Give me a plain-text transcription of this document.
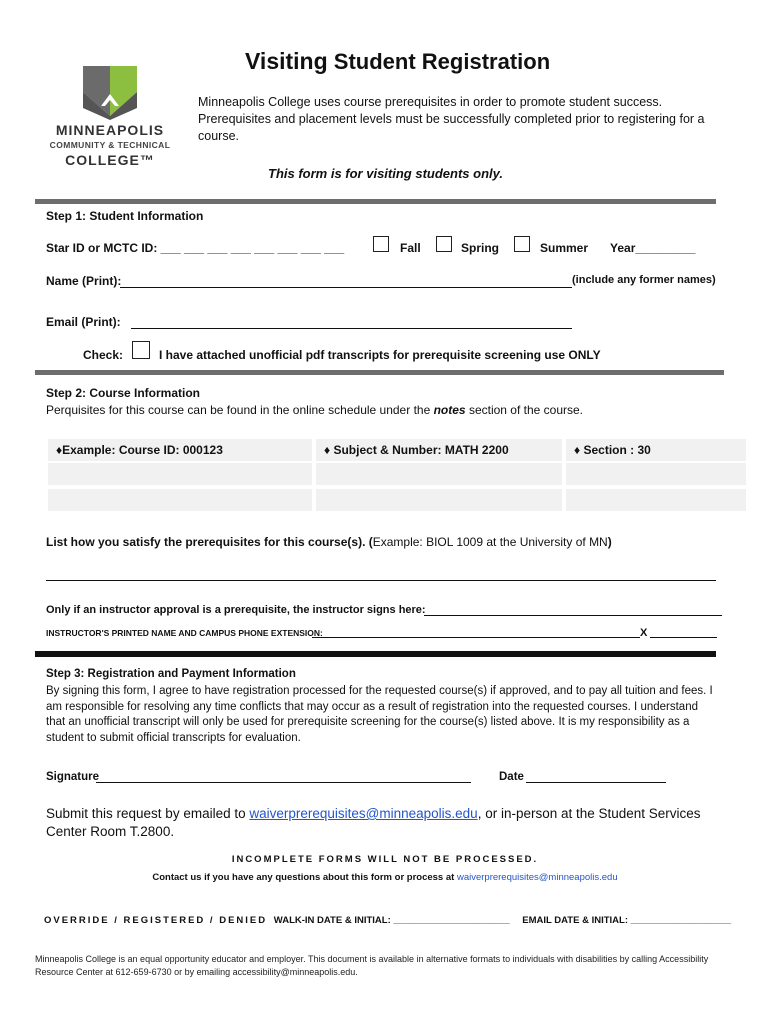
Visiting Student Registration
MINNEAPOLIS
COMMUNITY & TECHNICAL
COLLEGE™
Minneapolis College uses course prerequisites in order to promote student success. Prerequisites and placement levels must be successfully completed prior to registering for a course.
This form is for visiting students only.
Step 1: Student Information
Star ID or MCTC ID: ___ ___ ___ ___ ___ ___ ___ ___	Fall	Spring	Summer Year_________
Name (Print):	(include any former names)
Email (Print):
Check:	I have attached unofficial pdf transcripts for prerequisite screening use ONLY
Step 2: Course Information
Perquisites for this course can be found in the online schedule under the notes section of the course.
♦Example: Course ID: 000123	♦ Subject & Number: MATH 2200	♦ Section : 30
List how you satisfy the prerequisites for this course(s). (Example: BIOL 1009 at the University of MN)
Only if an instructor approval is a prerequisite, the instructor signs here:
INSTRUCTOR'S PRINTED NAME AND CAMPUS PHONE EXTENSION:	X
Step 3: Registration and Payment Information
By signing this form, I agree to have registration processed for the requested course(s) if approved, and to pay all tuition and fees. I am responsible for resolving any time conflicts that may occur as a result of registration into the requested courses. I understand that an unofficial transcript will only be used for prerequisite screening for the course(s) listed above. It is my responsibility as a student to submit official transcripts for evaluation.
Signature	Date
Submit this request by emailed to waiverprerequisites@minneapolis.edu, or in-person at the Student Services Center Room T.2800.
INCOMPLETE FORMS WILL NOT BE PROCESSED.
Contact us if you have any questions about this form or process at waiverprerequisites@minneapolis.edu
OVERRIDE / REGISTERED / DENIED WALK-IN DATE & INITIAL: ______________________ EMAIL DATE & INITIAL: ___________________
Minneapolis College is an equal opportunity educator and employer. This document is available in alternative formats to individuals with disabilities by calling Accessibility Resource Center at 612-659-6730 or by emailing accessibility@minneapolis.edu.
